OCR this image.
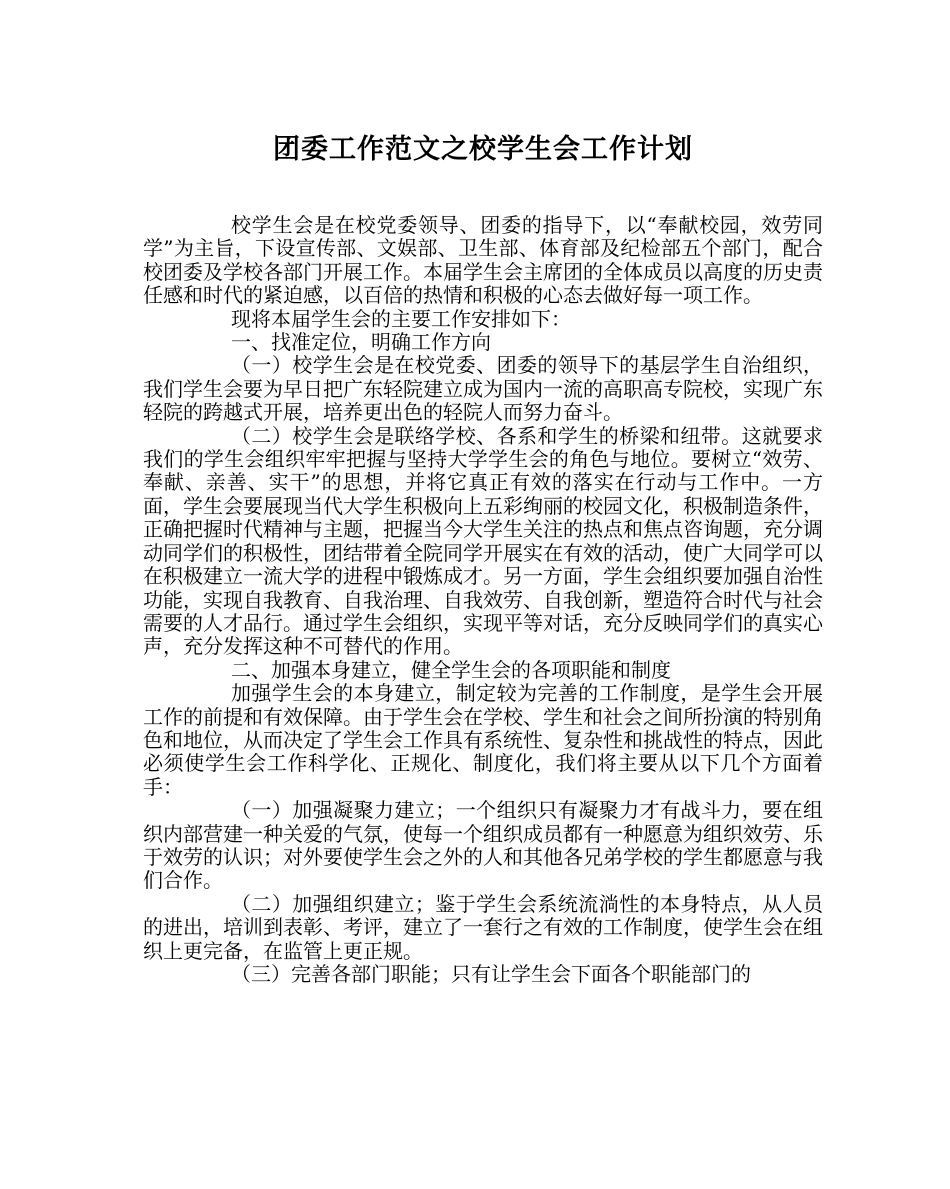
团委工作范文之校学生会工作计划

校学生会是在校党委领导、团委的指导下，以“奉献校园，效劳同学”为主旨，下设宣传部、文娱部、卫生部、体育部及纪检部五个部门，配合校团委及学校各部门开展工作。本届学生会主席团的全体成员以高度的历史责任感和时代的紧迫感，以百倍的热情和积极的心态去做好每一项工作。

现将本届学生会的主要工作安排如下：

一、找准定位，明确工作方向

（一）校学生会是在校党委、团委的领导下的基层学生自治组织，我们学生会要为早日把广东轻院建立成为国内一流的高职高专院校，实现广东轻院的跨越式开展，培养更出色的轻院人而努力奋斗。

（二）校学生会是联络学校、各系和学生的桥梁和纽带。这就要求我们的学生会组织牢牢把握与坚持大学学生会的角色与地位。要树立“效劳、奉献、亲善、实干”的思想，并将它真正有效的落实在行动与工作中。一方面，学生会要展现当代大学生积极向上五彩绚丽的校园文化，积极制造条件，正确把握时代精神与主题，把握当今大学生关注的热点和焦点咨询题，充分调动同学们的积极性，团结带着全院同学开展实在有效的活动，使广大同学可以在积极建立一流大学的进程中锻炼成才。另一方面，学生会组织要加强自治性功能，实现自我教育、自我治理、自我效劳、自我创新，塑造符合时代与社会需要的人才品行。通过学生会组织，实现平等对话，充分反映同学们的真实心声，充分发挥这种不可替代的作用。

二、加强本身建立，健全学生会的各项职能和制度

加强学生会的本身建立，制定较为完善的工作制度，是学生会开展工作的前提和有效保障。由于学生会在学校、学生和社会之间所扮演的特别角色和地位，从而决定了学生会工作具有系统性、复杂性和挑战性的特点，因此必须使学生会工作科学化、正规化、制度化，我们将主要从以下几个方面着手：

（一）加强凝聚力建立；一个组织只有凝聚力才有战斗力，要在组织内部营建一种关爱的气氛，使每一个组织成员都有一种愿意为组织效劳、乐于效劳的认识；对外要使学生会之外的人和其他各兄弟学校的学生都愿意与我们合作。

（二）加强组织建立；鉴于学生会系统流淌性的本身特点，从人员的进出，培训到表彰、考评，建立了一套行之有效的工作制度，使学生会在组织上更完备，在监管上更正规。

（三）完善各部门职能；只有让学生会下面各个职能部门的
